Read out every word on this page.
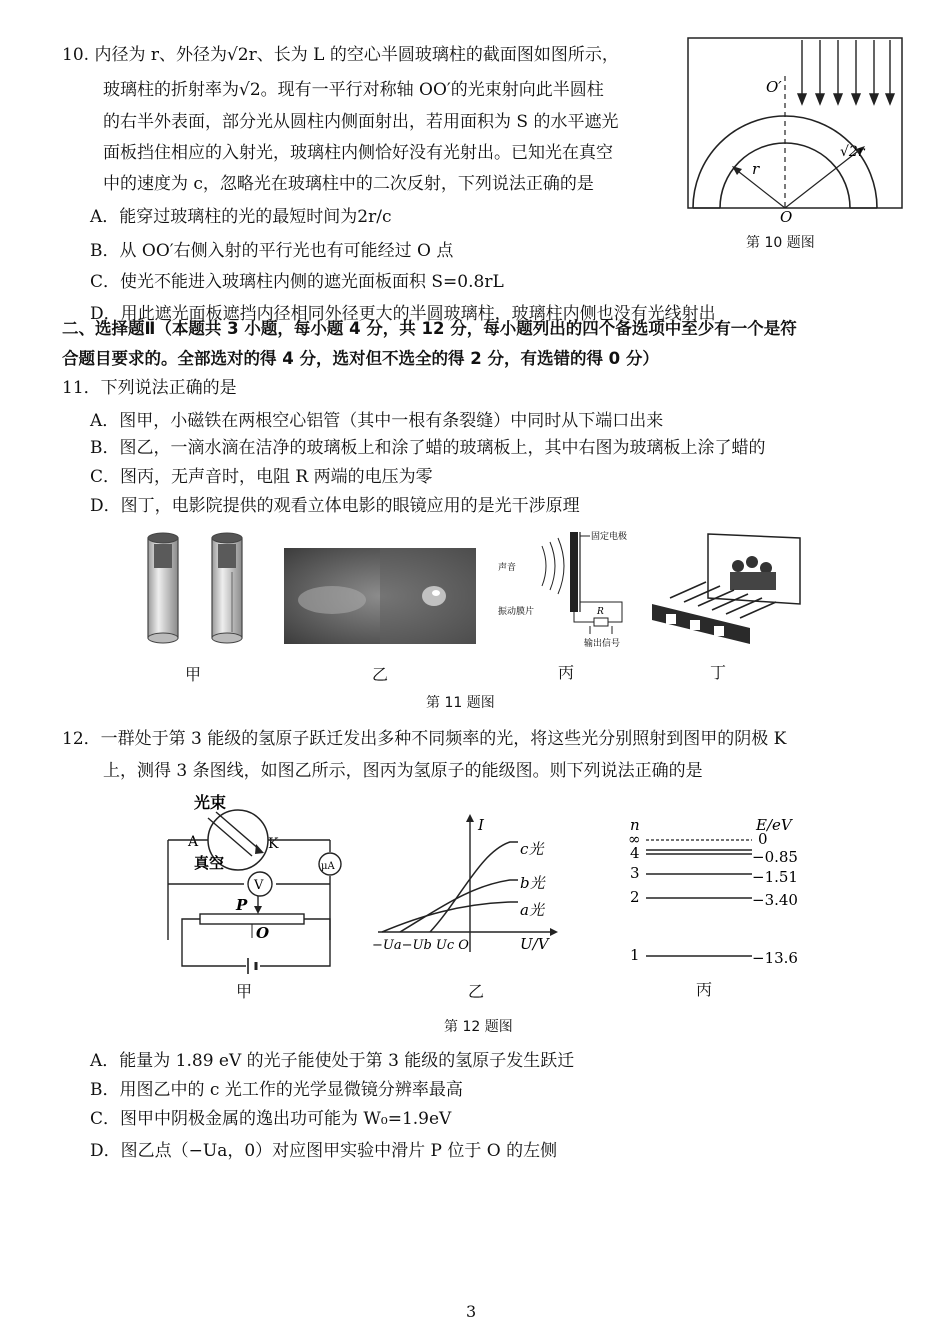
10. 内径为 r、外径为√2r、长为 L 的空心半圆玻璃柱的截面图如图所示，
玻璃柱的折射率为√2。现有一平行对称轴 OO′的光束射向此半圆柱
的右半外表面，部分光从圆柱内侧面射出，若用面积为 S 的水平遮光
面板挡住相应的入射光，玻璃柱内侧恰好没有光射出。已知光在真空
中的速度为 c，忽略光在玻璃柱中的二次反射，下列说法正确的是
A．能穿过玻璃柱的光的最短时间为2r/c
B．从 OO′右侧入射的平行光也有可能经过 O 点
C．使光不能进入玻璃柱内侧的遮光面板面积 S=0.8rL
D．用此遮光面板遮挡内径相同外径更大的半圆玻璃柱，玻璃柱内侧也没有光线射出
O′
r
√2r
O
第 10 题图
二、选择题Ⅱ（本题共 3 小题，每小题 4 分，共 12 分，每小题列出的四个备选项中至少有一个是符
合题目要求的。全部选对的得 4 分，选对但不选全的得 2 分，有选错的得 0 分）
11．下列说法正确的是
A．图甲，小磁铁在两根空心铝管（其中一根有条裂缝）中同时从下端口出来
B．图乙，一滴水滴在洁净的玻璃板上和涂了蜡的玻璃板上，其中右图为玻璃板上涂了蜡的
C．图丙，无声音时，电阻 R 两端的电压为零
D．图丁，电影院提供的观看立体电影的眼镜应用的是光干涉原理
固定电极
声音
振动膜片	R
输出信号
甲	乙	丙	丁
第 11 题图
12．一群处于第 3 能级的氢原子跃迁发出多种不同频率的光，将这些光分别照射到图甲的阴极 K
上，测得 3 条图线，如图乙所示，图丙为氢原子的能级图。则下列说法正确的是
光束
A	K
真空	μA
V
P
O
甲
I
c光
b光
a光
−Ua−Ub Uc O	U/V
乙
n	E/eV
∞	0
4	−0.85
3	−1.51
2	−3.40
1	−13.6
丙
第 12 题图
A．能量为 1.89 eV 的光子能使处于第 3 能级的氢原子发生跃迁
B．用图乙中的 c 光工作的光学显微镜分辨率最高
C．图甲中阴极金属的逸出功可能为 W₀=1.9eV
D．图乙点（−Ua，0）对应图甲实验中滑片 P 位于 O 的左侧
3
